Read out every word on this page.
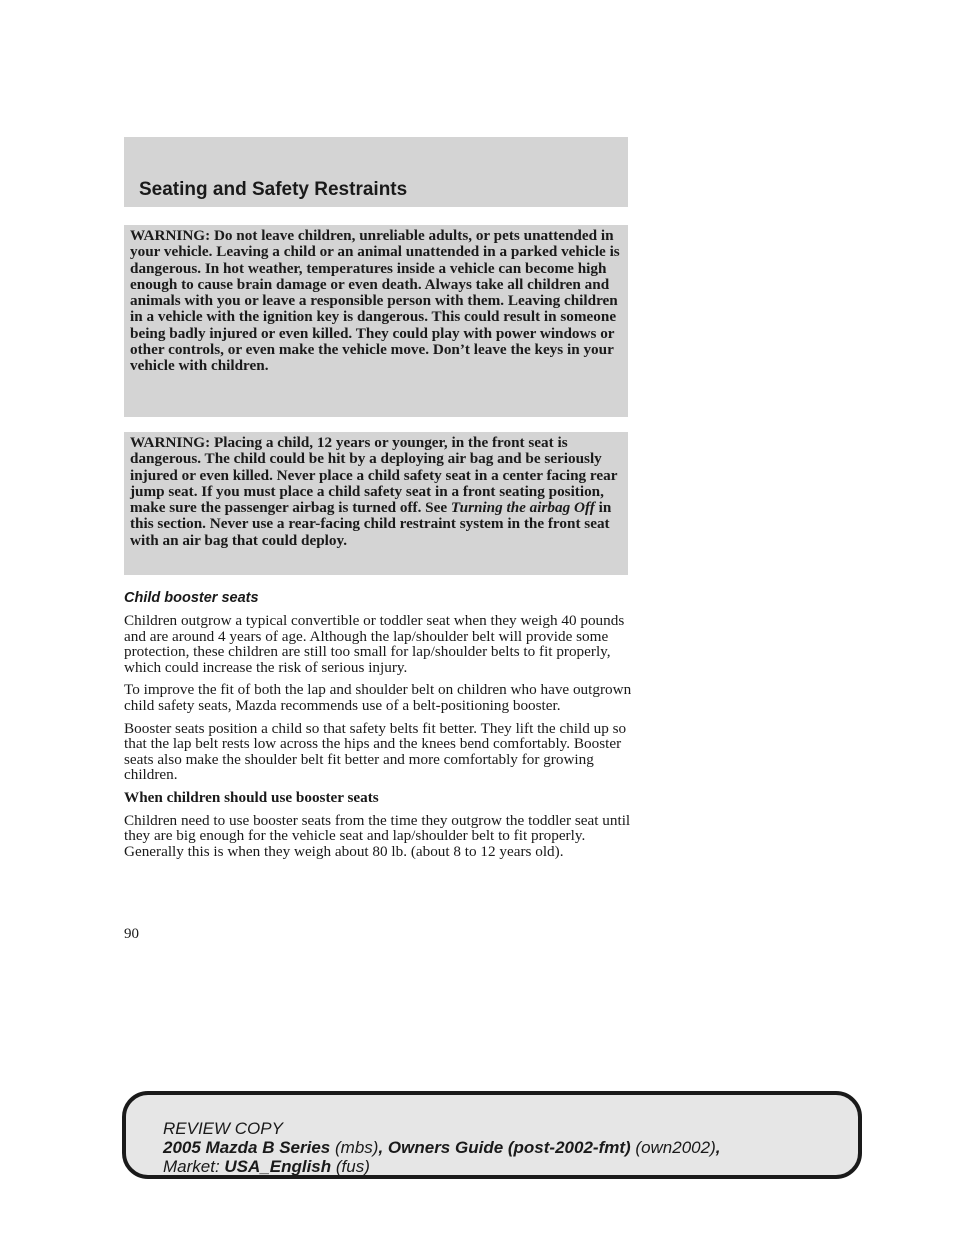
Seating and Safety Restraints

WARNING: Do not leave children, unreliable adults, or pets unattended in your vehicle. Leaving a child or an animal unattended in a parked vehicle is dangerous. In hot weather, temperatures inside a vehicle can become high enough to cause brain damage or even death. Always take all children and animals with you or leave a responsible person with them. Leaving children in a vehicle with the ignition key is dangerous. This could result in someone being badly injured or even killed. They could play with power windows or other controls, or even make the vehicle move. Don’t leave the keys in your vehicle with children.

WARNING: Placing a child, 12 years or younger, in the front seat is dangerous. The child could be hit by a deploying air bag and be seriously injured or even killed. Never place a child safety seat in a center facing rear jump seat. If you must place a child safety seat in a front seating position, make sure the passenger airbag is turned off. See Turning the airbag Off in this section. Never use a rear-facing child restraint system in the front seat with an air bag that could deploy.

Child booster seats

Children outgrow a typical convertible or toddler seat when they weigh 40 pounds and are around 4 years of age. Although the lap/shoulder belt will provide some protection, these children are still too small for lap/shoulder belts to fit properly, which could increase the risk of serious injury.

To improve the fit of both the lap and shoulder belt on children who have outgrown child safety seats, Mazda recommends use of a belt-positioning booster.

Booster seats position a child so that safety belts fit better. They lift the child up so that the lap belt rests low across the hips and the knees bend comfortably. Booster seats also make the shoulder belt fit better and more comfortably for growing children.

When children should use booster seats

Children need to use booster seats from the time they outgrow the toddler seat until they are big enough for the vehicle seat and lap/shoulder belt to fit properly. Generally this is when they weigh about 80 lb. (about 8 to 12 years old).

90
REVIEW COPY
2005 Mazda B Series (mbs), Owners Guide (post-2002-fmt) (own2002),
Market: USA_English (fus)
